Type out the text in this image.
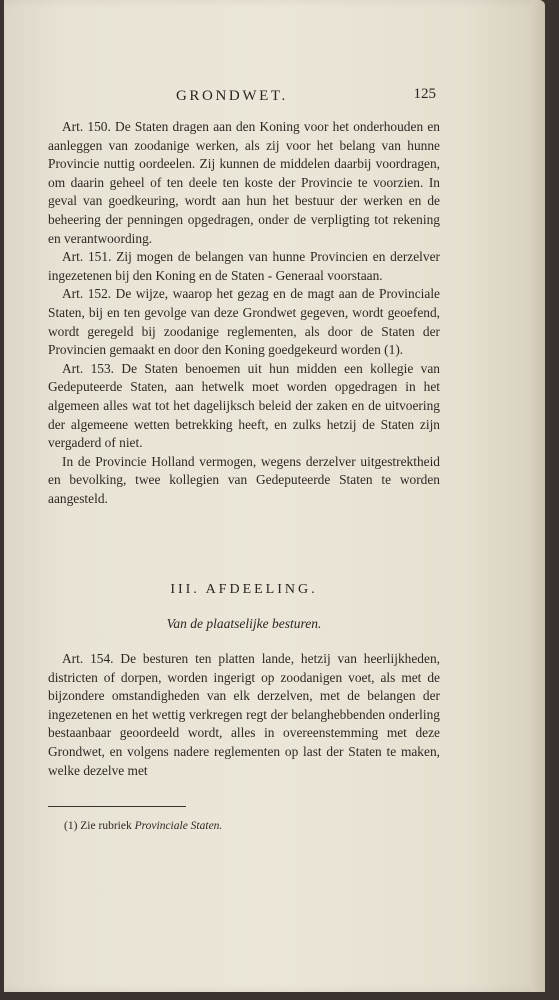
GRONDWET.	125

Art. 150. De Staten dragen aan den Koning voor het onderhouden en aanleggen van zoodanige werken, als zij voor het belang van hunne Provincie nuttig oordeelen. Zij kunnen de middelen daarbij voordragen, om daarin geheel of ten deele ten koste der Provincie te voorzien. In geval van goedkeuring, wordt aan hun het bestuur der werken en de beheering der penningen opgedragen, onder de verpligting tot rekening en verantwoording.

Art. 151. Zij mogen de belangen van hunne Provincien en derzelver ingezetenen bij den Koning en de Staten - Generaal voorstaan.

Art. 152. De wijze, waarop het gezag en de magt aan de Provinciale Staten, bij en ten gevolge van deze Grondwet gegeven, wordt geoefend, wordt geregeld bij zoodanige reglementen, als door de Staten der Provincien gemaakt en door den Koning goedgekeurd worden (1).

Art. 153. De Staten benoemen uit hun midden een kollegie van Gedeputeerde Staten, aan hetwelk moet worden opgedragen in het algemeen alles wat tot het dagelijksch beleid der zaken en de uitvoering der algemeene wetten betrekking heeft, en zulks hetzij de Staten zijn vergaderd of niet.

In de Provincie Holland vermogen, wegens derzelver uitgestrektheid en bevolking, twee kollegien van Gedeputeerde Staten te worden aangesteld.

III. AFDEELING.

Van de plaatselijke besturen.

Art. 154. De besturen ten platten lande, hetzij van heerlijkheden, districten of dorpen, worden ingerigt op zoodanigen voet, als met de bijzondere omstandigheden van elk derzelven, met de belangen der ingezetenen en het wettig verkregen regt der belanghebbenden onderling bestaanbaar geoordeeld wordt, alles in overeenstemming met deze Grondwet, en volgens nadere reglementen op last der Staten te maken, welke dezelve met

(1) Zie rubriek Provinciale Staten.
